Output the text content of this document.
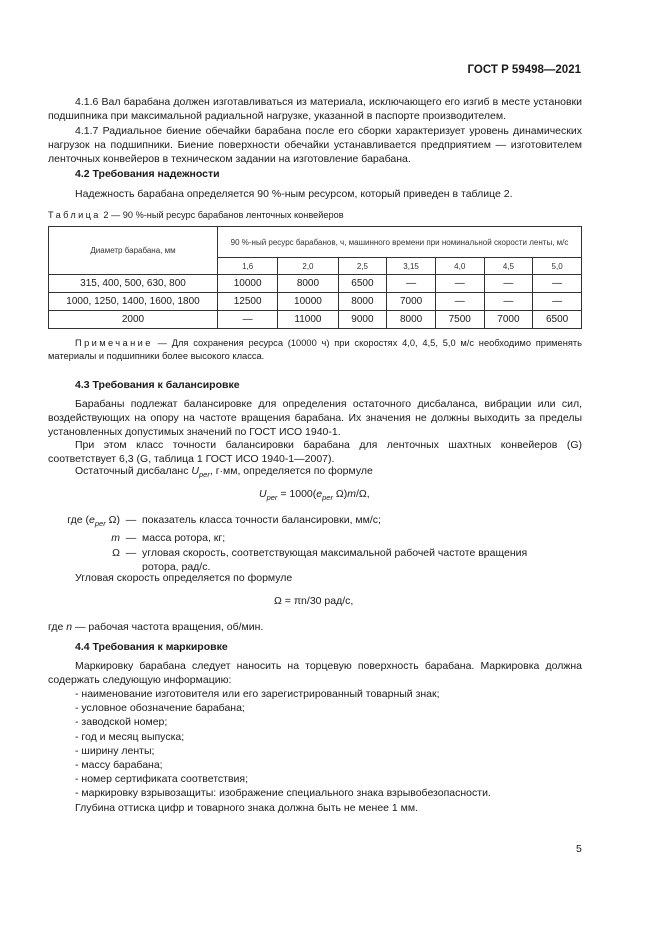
ГОСТ Р 59498—2021

4.1.6 Вал барабана должен изготавливаться из материала, исключающего его изгиб в месте установки подшипника при максимальной радиальной нагрузке, указанной в паспорте производителем.

4.1.7 Радиальное биение обечайки барабана после его сборки характеризует уровень динамических нагрузок на подшипники. Биение поверхности обечайки устанавливается предприятием — изготовителем ленточных конвейеров в техническом задании на изготовление барабана.

4.2 Требования надежности

Надежность барабана определяется 90 %-ным ресурсом, который приведен в таблице 2.

Таблица 2 — 90 %-ный ресурс барабанов ленточных конвейеров
Диаметр барабана, мм	90 %-ный ресурс барабанов, ч, машинного времени при номинальной скорости ленты, м/с						
	1,6	2,0	2,5	3,15	4,0	4,5	5,0
315, 400, 500, 630, 800	10000	8000	6500	—	—	—	—
1000, 1250, 1400, 1600, 1800	12500	10000	8000	7000	—	—	—
2000	—	11000	9000	8000	7500	7000	6500

Примечание — Для сохранения ресурса (10000 ч) при скоростях 4,0, 4,5, 5,0 м/с необходимо применять материалы и подшипники более высокого класса.

4.3 Требования к балансировке

Барабаны подлежат балансировке для определения остаточного дисбаланса, вибрации или сил, воздействующих на опору на частоте вращения барабана. Их значения не должны выходить за пределы установленных допустимых значений по ГОСТ ИСО 1940-1.

При этом класс точности балансировки барабана для ленточных шахтных конвейеров (G) соответствует 6,3 (G, таблица 1 ГОСТ ИСО 1940-1—2007).

Остаточный дисбаланс $U_{per}$, г·мм, определяется по формуле

$U_{per} = 1000(e_{per}$ Ω)m/Ω,
где ($e_{per}$ Ω) — показатель класса точности балансировки, мм/с;
m — масса ротора, кг;
Ω — угловая скорость, соответствующая максимальной рабочей частоте вращения ротора, рад/с.

Угловая скорость определяется по формуле

Ω = πn/30 рад/с,
где n — рабочая частота вращения, об/мин.
4.4 Требования к маркировке

Маркировку барабана следует наносить на торцевую поверхность барабана. Маркировка должна содержать следующую информацию:

- наименование изготовителя или его зарегистрированный товарный знак;
- условное обозначение барабана;
- заводской номер;
- год и месяц выпуска;
- ширину ленты;
- массу барабана;
- номер сертификата соответствия;
- маркировку взрывозащиты: изображение специального знака взрывобезопасности.
Глубина оттиска цифр и товарного знака должна быть не менее 1 мм.
5
